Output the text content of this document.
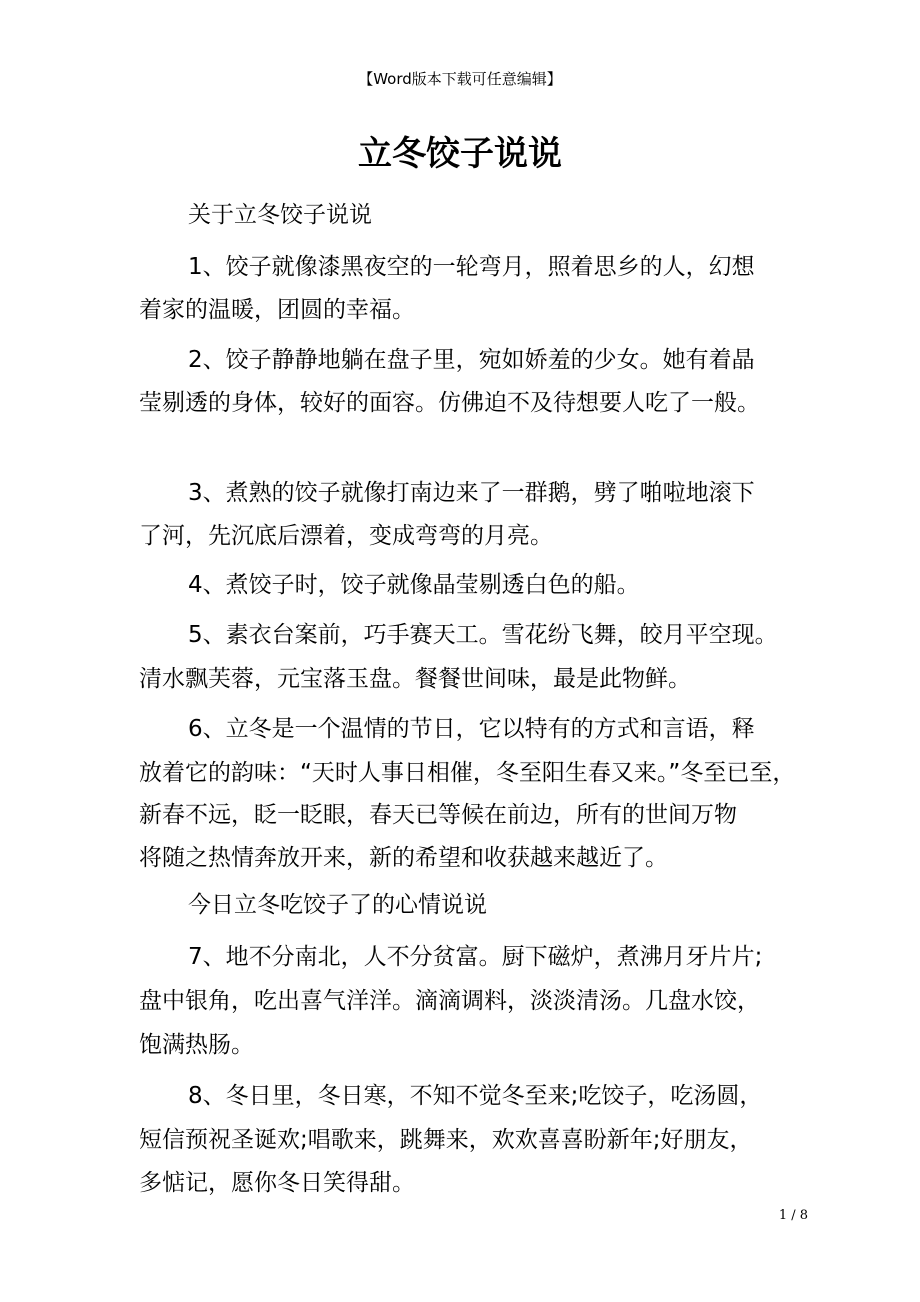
【Word版本下载可任意编辑】
立冬饺子说说
关于立冬饺子说说
1、饺子就像漆黑夜空的一轮弯月，照着思乡的人，幻想
着家的温暖，团圆的幸福。
2、饺子静静地躺在盘子里，宛如娇羞的少女。她有着晶
莹剔透的身体，较好的面容。仿佛迫不及待想要人吃了一般。
3、煮熟的饺子就像打南边来了一群鹅，劈了啪啦地滚下
了河，先沉底后漂着，变成弯弯的月亮。
4、煮饺子时，饺子就像晶莹剔透白色的船。
5、素衣台案前，巧手赛天工。雪花纷飞舞，皎月平空现。
清水飘芙蓉，元宝落玉盘。餐餐世间味，最是此物鲜。
6、立冬是一个温情的节日，它以特有的方式和言语，释
放着它的韵味：“天时人事日相催，冬至阳生春又来。”冬至已至，
新春不远，眨一眨眼，春天已等候在前边，所有的世间万物
将随之热情奔放开来，新的希望和收获越来越近了。
今日立冬吃饺子了的心情说说
7、地不分南北，人不分贫富。厨下磁炉，煮沸月牙片片;
盘中银角，吃出喜气洋洋。滴滴调料，淡淡清汤。几盘水饺，
饱满热肠。
8、冬日里，冬日寒，不知不觉冬至来;吃饺子，吃汤圆，
短信预祝圣诞欢;唱歌来，跳舞来，欢欢喜喜盼新年;好朋友，
多惦记，愿你冬日笑得甜。
1 / 8
